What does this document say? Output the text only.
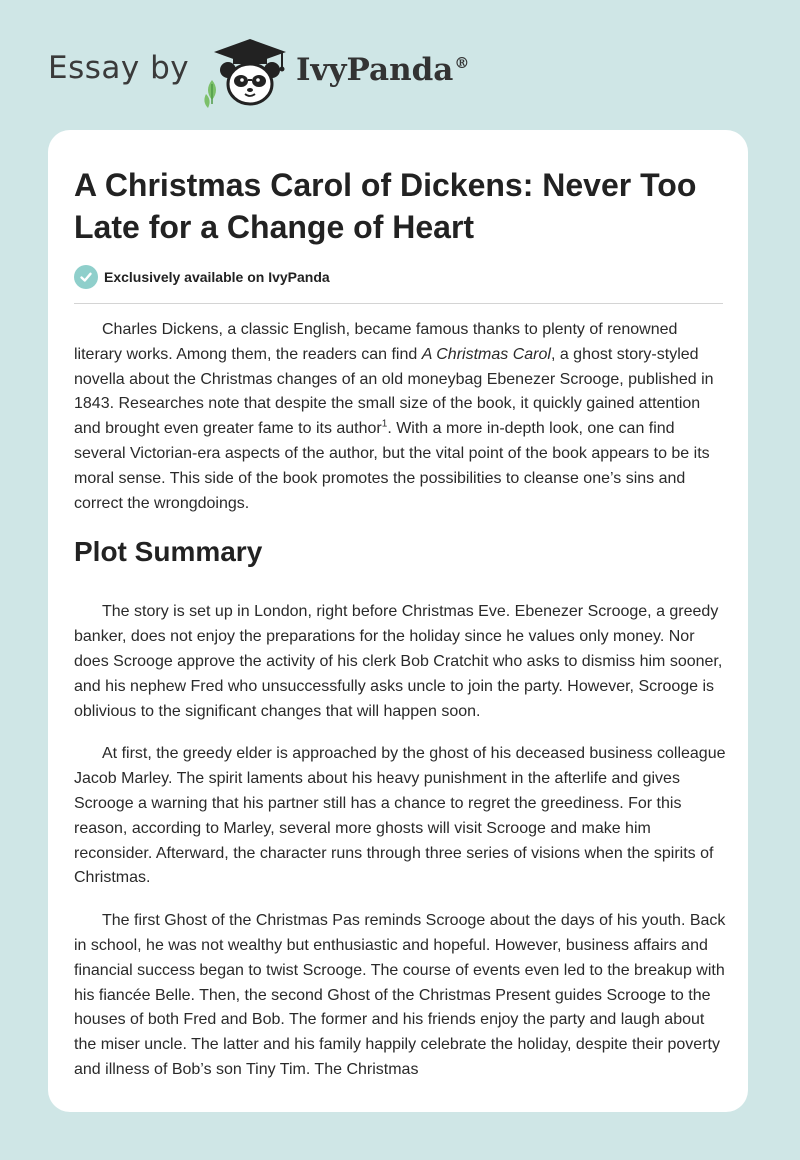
Essay by	IvyPanda®
A Christmas Carol of Dickens: Never Too Late for a Change of Heart
Exclusively available on IvyPanda

Charles Dickens, a classic English, became famous thanks to plenty of renowned literary works. Among them, the readers can find A Christmas Carol, a ghost story-styled novella about the Christmas changes of an old moneybag Ebenezer Scrooge, published in 1843. Researches note that despite the small size of the book, it quickly gained attention and brought even greater fame to its author$^1$. With a more in-depth look, one can find several Victorian-era aspects of the author, but the vital point of the book appears to be its moral sense. This side of the book promotes the possibilities to cleanse one’s sins and correct the wrongdoings.

Plot Summary

The story is set up in London, right before Christmas Eve. Ebenezer Scrooge, a greedy banker, does not enjoy the preparations for the holiday since he values only money. Nor does Scrooge approve the activity of his clerk Bob Cratchit who asks to dismiss him sooner, and his nephew Fred who unsuccessfully asks uncle to join the party. However, Scrooge is oblivious to the significant changes that will happen soon.

At first, the greedy elder is approached by the ghost of his deceased business colleague Jacob Marley. The spirit laments about his heavy punishment in the afterlife and gives Scrooge a warning that his partner still has a chance to regret the greediness. For this reason, according to Marley, several more ghosts will visit Scrooge and make him reconsider. Afterward, the character runs through three series of visions when the spirits of Christmas.

The first Ghost of the Christmas Pas reminds Scrooge about the days of his youth. Back in school, he was not wealthy but enthusiastic and hopeful. However, business affairs and financial success began to twist Scrooge. The course of events even led to the breakup with his fiancée Belle. Then, the second Ghost of the Christmas Present guides Scrooge to the houses of both Fred and Bob. The former and his friends enjoy the party and laugh about the miser uncle. The latter and his family happily celebrate the holiday, despite their poverty and illness of Bob’s son Tiny Tim. The Christmas
